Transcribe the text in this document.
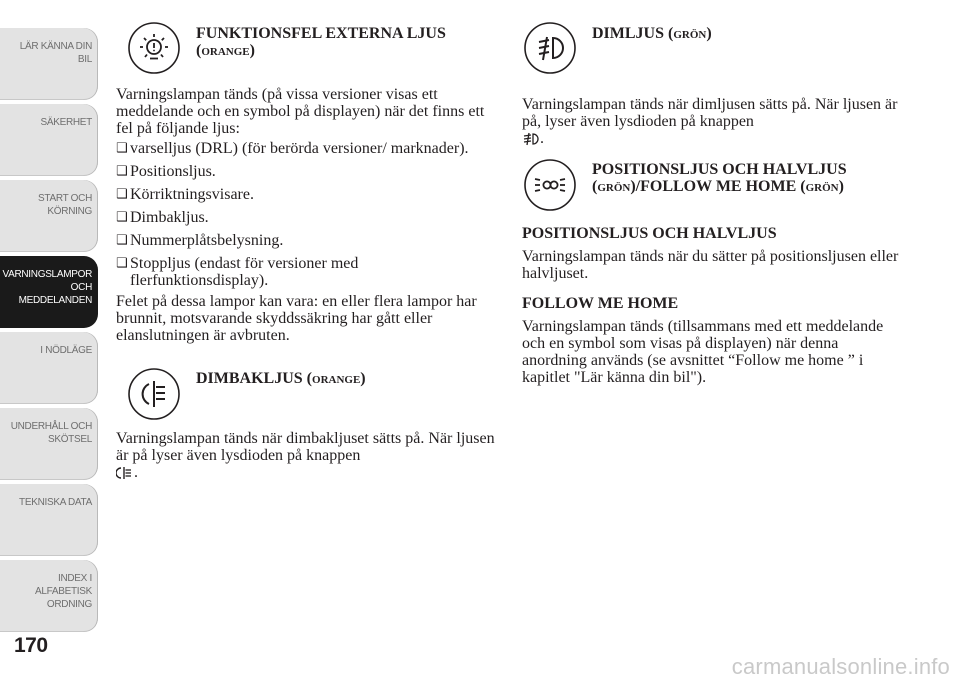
LÄR KÄNNA DIN
BIL
SÄKERHET
START OCH
KÖRNING
VARNINGSLAMPOR
OCH
MEDDELANDEN
I NÖDLÄGE
UNDERHÅLL OCH
SKÖTSEL
TEKNISKA DATA
INDEX I
ALFABETISK
ORDNING
170
FUNKTIONSFEL EXTERNA LJUS
(orange)

Varningslampan tänds (på vissa versioner visas ett meddelande och en symbol på displayen) när det finns ett fel på följande ljus:

❑ varselljus (DRL) (för berörda versioner/ marknader).
❑ Positionsljus.
❑ Körriktningsvisare.
❑ Dimbakljus.
❑ Nummerplåtsbelysning.
❑ Stoppljus (endast för versioner med flerfunktionsdisplay).

Felet på dessa lampor kan vara: en eller flera lampor har brunnit, motsvarande skyddssäkring har gått eller elanslutningen är avbruten.

DIMBAKLJUS (orange)

Varningslampan tänds när dimbakljuset sätts på. När ljusen är på lyser även lysdioden på knappen
.

DIMLJUS (grön)

Varningslampan tänds när dimljusen sätts på. När ljusen är på, lyser även lysdioden på knappen
.

POSITIONSLJUS OCH HALVLJUS
(grön)/FOLLOW ME HOME (grön)

POSITIONSLJUS OCH HALVLJUS

Varningslampan tänds när du sätter på positionsljusen eller halvljuset.

FOLLOW ME HOME

Varningslampan tänds (tillsammans med ett meddelande och en symbol som visas på displayen) när denna anordning används (se avsnittet “Follow me home ” i kapitlet "Lär känna din bil").

carmanualsonline.info
